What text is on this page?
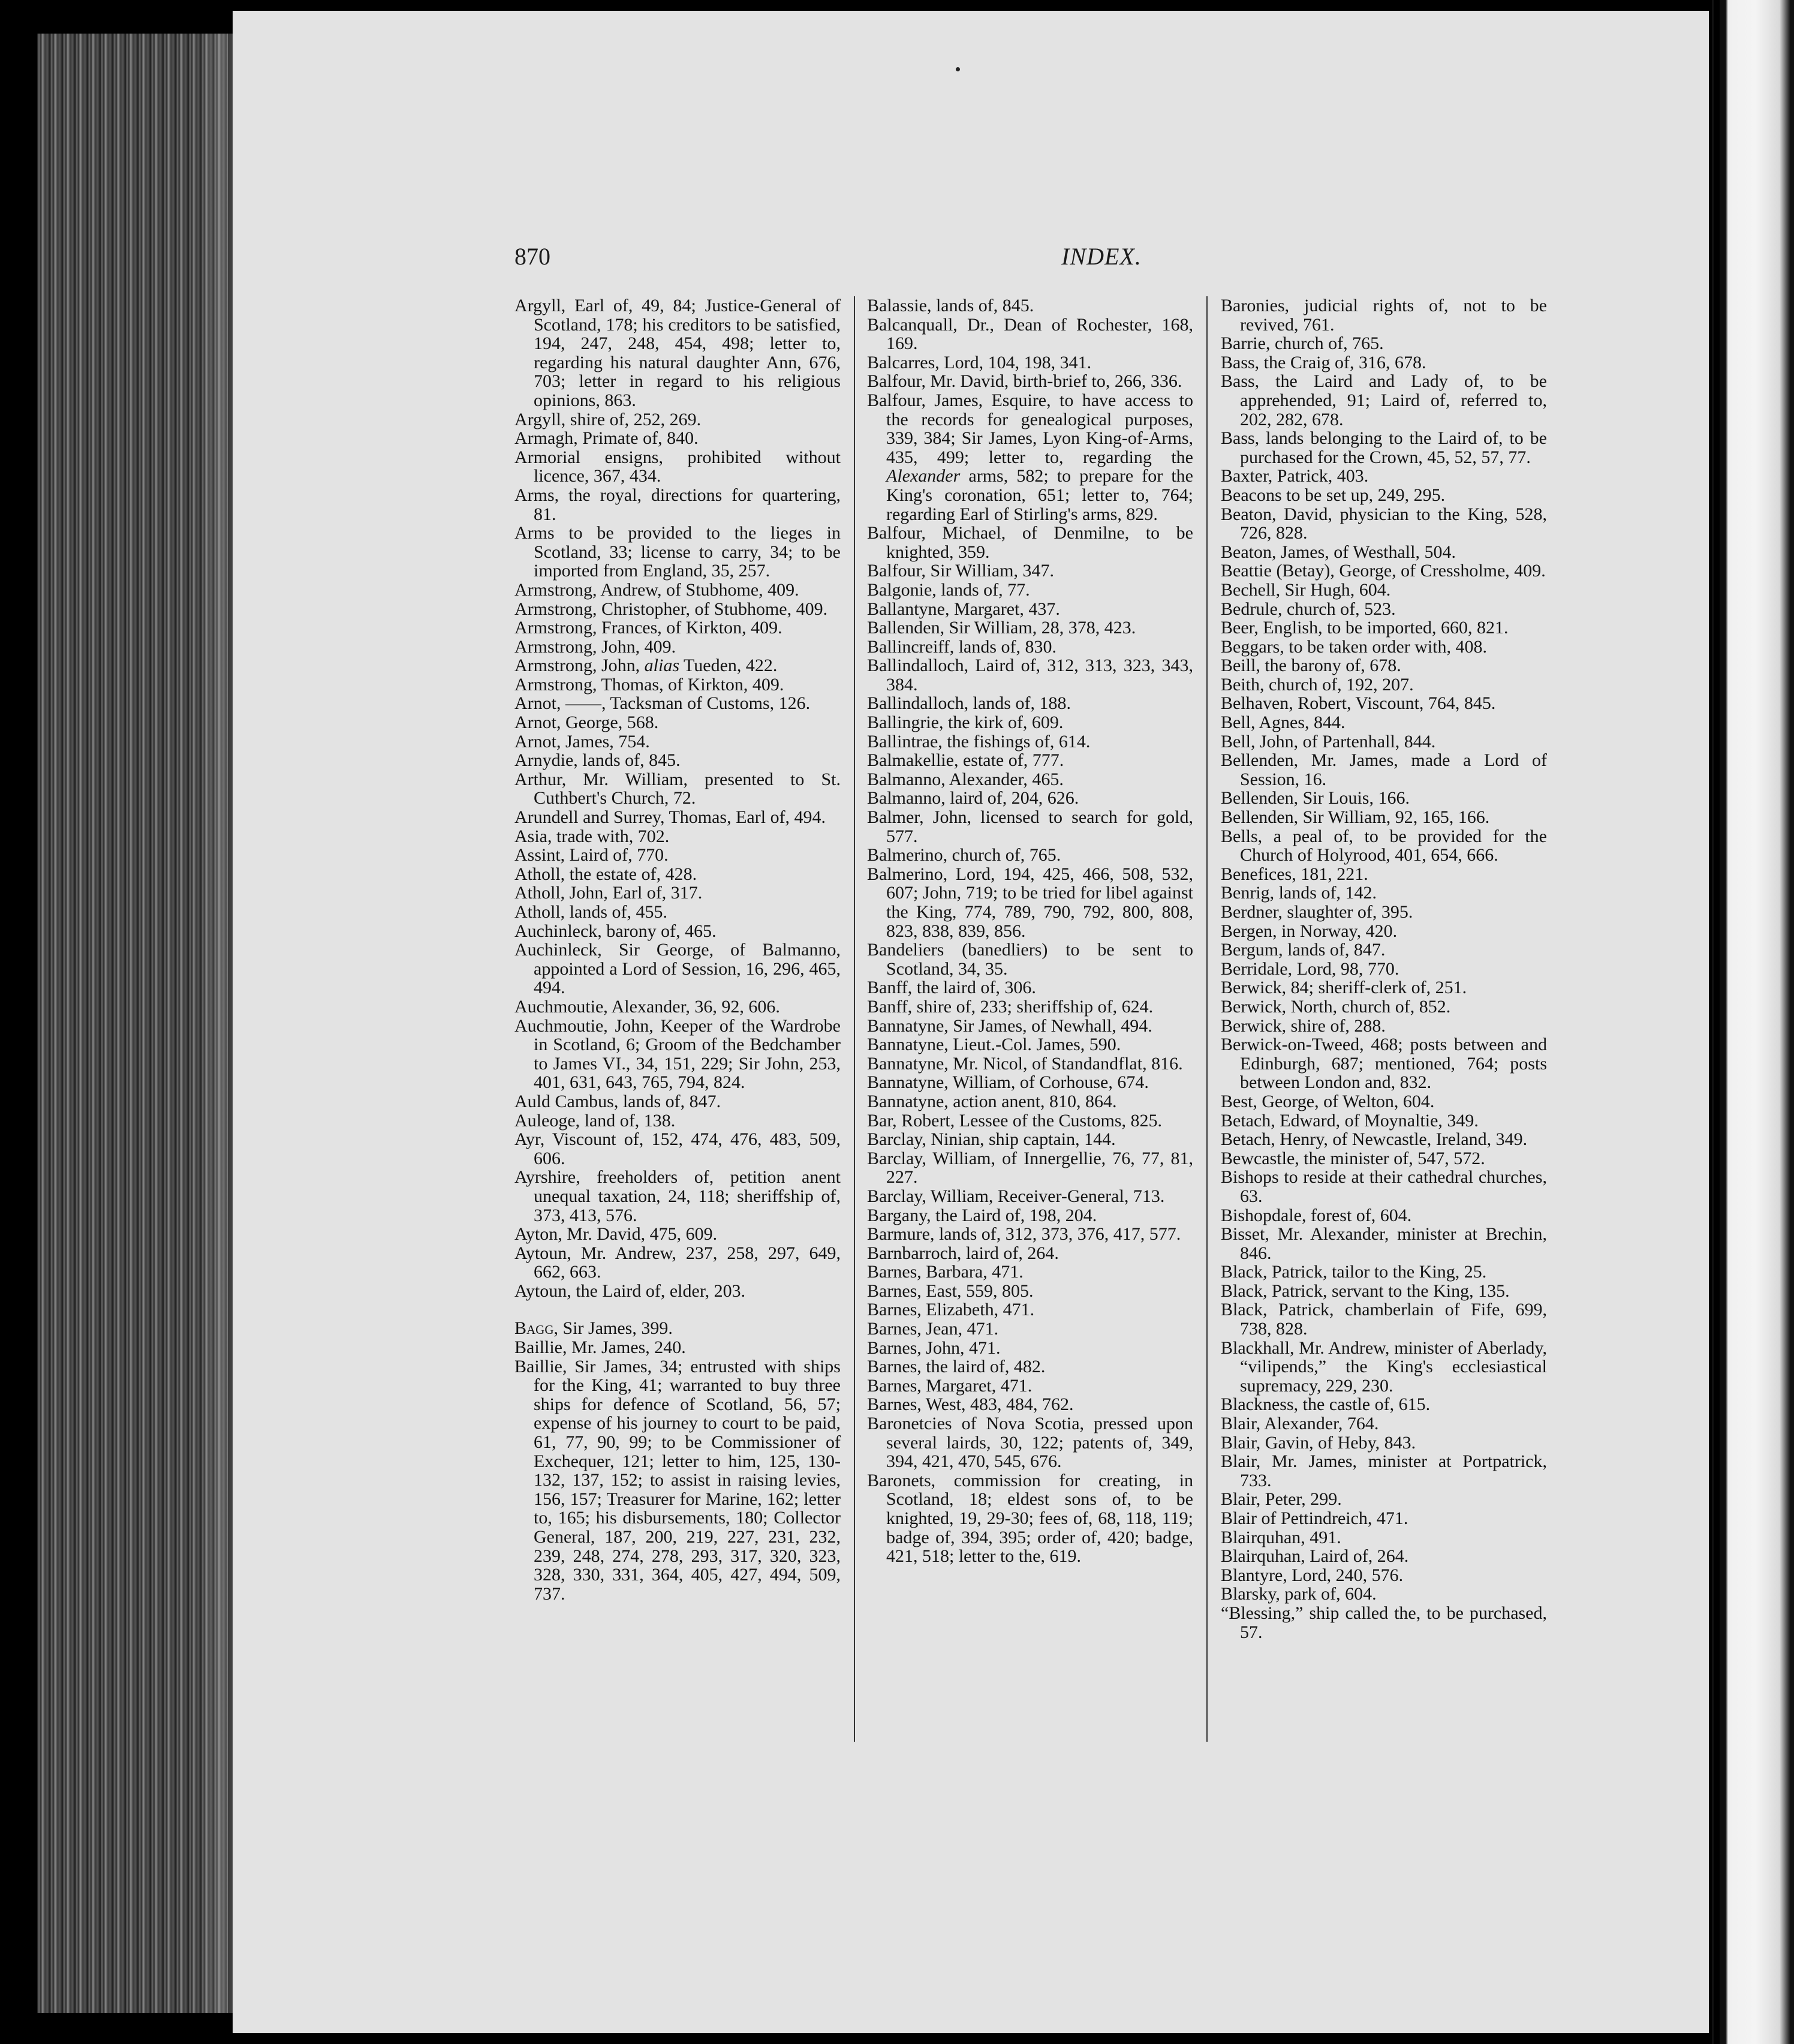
870	INDEX.

Argyll, Earl of, 49, 84; Justice-General of Scotland, 178; his creditors to be satisfied, 194, 247, 248, 454, 498; letter to, regarding his natural daughter Ann, 676, 703; letter in regard to his religious opinions, 863.

Argyll, shire of, 252, 269.

Armagh, Primate of, 840.

Armorial ensigns, prohibited without licence, 367, 434.

Arms, the royal, directions for quartering, 81.

Arms to be provided to the lieges in Scotland, 33; license to carry, 34; to be imported from England, 35, 257.

Armstrong, Andrew, of Stubhome, 409.

Armstrong, Christopher, of Stubhome, 409.

Armstrong, Frances, of Kirkton, 409.

Armstrong, John, 409.

Armstrong, John, alias Tueden, 422.

Armstrong, Thomas, of Kirkton, 409.

Arnot, ——, Tacksman of Customs, 126.

Arnot, George, 568.

Arnot, James, 754.

Arnydie, lands of, 845.

Arthur, Mr. William, presented to St. Cuthbert's Church, 72.

Arundell and Surrey, Thomas, Earl of, 494.

Asia, trade with, 702.

Assint, Laird of, 770.

Atholl, the estate of, 428.

Atholl, John, Earl of, 317.

Atholl, lands of, 455.

Auchinleck, barony of, 465.

Auchinleck, Sir George, of Balmanno, appointed a Lord of Session, 16, 296, 465, 494.

Auchmoutie, Alexander, 36, 92, 606.

Auchmoutie, John, Keeper of the Wardrobe in Scotland, 6; Groom of the Bedchamber to James VI., 34, 151, 229; Sir John, 253, 401, 631, 643, 765, 794, 824.

Auld Cambus, lands of, 847.

Auleoge, land of, 138.

Ayr, Viscount of, 152, 474, 476, 483, 509, 606.

Ayrshire, freeholders of, petition anent unequal taxation, 24, 118; sheriffship of, 373, 413, 576.

Ayton, Mr. David, 475, 609.

Aytoun, Mr. Andrew, 237, 258, 297, 649, 662, 663.

Aytoun, the Laird of, elder, 203.

Bagg, Sir James, 399.

Baillie, Mr. James, 240.

Baillie, Sir James, 34; entrusted with ships for the King, 41; warranted to buy three ships for defence of Scotland, 56, 57; expense of his journey to court to be paid, 61, 77, 90, 99; to be Commissioner of Exchequer, 121; letter to him, 125, 130-132, 137, 152; to assist in raising levies, 156, 157; Treasurer for Marine, 162; letter to, 165; his disbursements, 180; Collector General, 187, 200, 219, 227, 231, 232, 239, 248, 274, 278, 293, 317, 320, 323, 328, 330, 331, 364, 405, 427, 494, 509, 737.

Balassie, lands of, 845.

Balcanquall, Dr., Dean of Rochester, 168, 169.

Balcarres, Lord, 104, 198, 341.

Balfour, Mr. David, birth-brief to, 266, 336.

Balfour, James, Esquire, to have access to the records for genealogical purposes, 339, 384; Sir James, Lyon King-of-Arms, 435, 499; letter to, regarding the Alexander arms, 582; to prepare for the King's coronation, 651; letter to, 764; regarding Earl of Stirling's arms, 829.

Balfour, Michael, of Denmilne, to be knighted, 359.

Balfour, Sir William, 347.

Balgonie, lands of, 77.

Ballantyne, Margaret, 437.

Ballenden, Sir William, 28, 378, 423.

Ballincreiff, lands of, 830.

Ballindalloch, Laird of, 312, 313, 323, 343, 384.

Ballindalloch, lands of, 188.

Ballingrie, the kirk of, 609.

Ballintrae, the fishings of, 614.

Balmakellie, estate of, 777.

Balmanno, Alexander, 465.

Balmanno, laird of, 204, 626.

Balmer, John, licensed to search for gold, 577.

Balmerino, church of, 765.

Balmerino, Lord, 194, 425, 466, 508, 532, 607; John, 719; to be tried for libel against the King, 774, 789, 790, 792, 800, 808, 823, 838, 839, 856.

Bandeliers (banedliers) to be sent to Scotland, 34, 35.

Banff, the laird of, 306.

Banff, shire of, 233; sheriffship of, 624.

Bannatyne, Sir James, of Newhall, 494.

Bannatyne, Lieut.-Col. James, 590.

Bannatyne, Mr. Nicol, of Standandflat, 816.

Bannatyne, William, of Corhouse, 674.

Bannatyne, action anent, 810, 864.

Bar, Robert, Lessee of the Customs, 825.

Barclay, Ninian, ship captain, 144.

Barclay, William, of Innergellie, 76, 77, 81, 227.

Barclay, William, Receiver-General, 713.

Bargany, the Laird of, 198, 204.

Barmure, lands of, 312, 373, 376, 417, 577.

Barnbarroch, laird of, 264.

Barnes, Barbara, 471.

Barnes, East, 559, 805.

Barnes, Elizabeth, 471.

Barnes, Jean, 471.

Barnes, John, 471.

Barnes, the laird of, 482.

Barnes, Margaret, 471.

Barnes, West, 483, 484, 762.

Baronetcies of Nova Scotia, pressed upon several lairds, 30, 122; patents of, 349, 394, 421, 470, 545, 676.

Baronets, commission for creating, in Scotland, 18; eldest sons of, to be knighted, 19, 29-30; fees of, 68, 118, 119; badge of, 394, 395; order of, 420; badge, 421, 518; letter to the, 619.

Baronies, judicial rights of, not to be revived, 761.

Barrie, church of, 765.

Bass, the Craig of, 316, 678.

Bass, the Laird and Lady of, to be apprehended, 91; Laird of, referred to, 202, 282, 678.

Bass, lands belonging to the Laird of, to be purchased for the Crown, 45, 52, 57, 77.

Baxter, Patrick, 403.

Beacons to be set up, 249, 295.

Beaton, David, physician to the King, 528, 726, 828.

Beaton, James, of Westhall, 504.

Beattie (Betay), George, of Cressholme, 409.

Bechell, Sir Hugh, 604.

Bedrule, church of, 523.

Beer, English, to be imported, 660, 821.

Beggars, to be taken order with, 408.

Beill, the barony of, 678.

Beith, church of, 192, 207.

Belhaven, Robert, Viscount, 764, 845.

Bell, Agnes, 844.

Bell, John, of Partenhall, 844.

Bellenden, Mr. James, made a Lord of Session, 16.

Bellenden, Sir Louis, 166.

Bellenden, Sir William, 92, 165, 166.

Bells, a peal of, to be provided for the Church of Holyrood, 401, 654, 666.

Benefices, 181, 221.

Benrig, lands of, 142.

Berdner, slaughter of, 395.

Bergen, in Norway, 420.

Bergum, lands of, 847.

Berridale, Lord, 98, 770.

Berwick, 84; sheriff-clerk of, 251.

Berwick, North, church of, 852.

Berwick, shire of, 288.

Berwick-on-Tweed, 468; posts between and Edinburgh, 687; mentioned, 764; posts between London and, 832.

Best, George, of Welton, 604.

Betach, Edward, of Moynaltie, 349.

Betach, Henry, of Newcastle, Ireland, 349.

Bewcastle, the minister of, 547, 572.

Bishops to reside at their cathedral churches, 63.

Bishopdale, forest of, 604.

Bisset, Mr. Alexander, minister at Brechin, 846.

Black, Patrick, tailor to the King, 25.

Black, Patrick, servant to the King, 135.

Black, Patrick, chamberlain of Fife, 699, 738, 828.

Blackhall, Mr. Andrew, minister of Aberlady, “vilipends,” the King's ecclesiastical supremacy, 229, 230.

Blackness, the castle of, 615.

Blair, Alexander, 764.

Blair, Gavin, of Heby, 843.

Blair, Mr. James, minister at Portpatrick, 733.

Blair, Peter, 299.

Blair of Pettindreich, 471.

Blairquhan, 491.

Blairquhan, Laird of, 264.

Blantyre, Lord, 240, 576.

Blarsky, park of, 604.

“Blessing,” ship called the, to be purchased, 57.
